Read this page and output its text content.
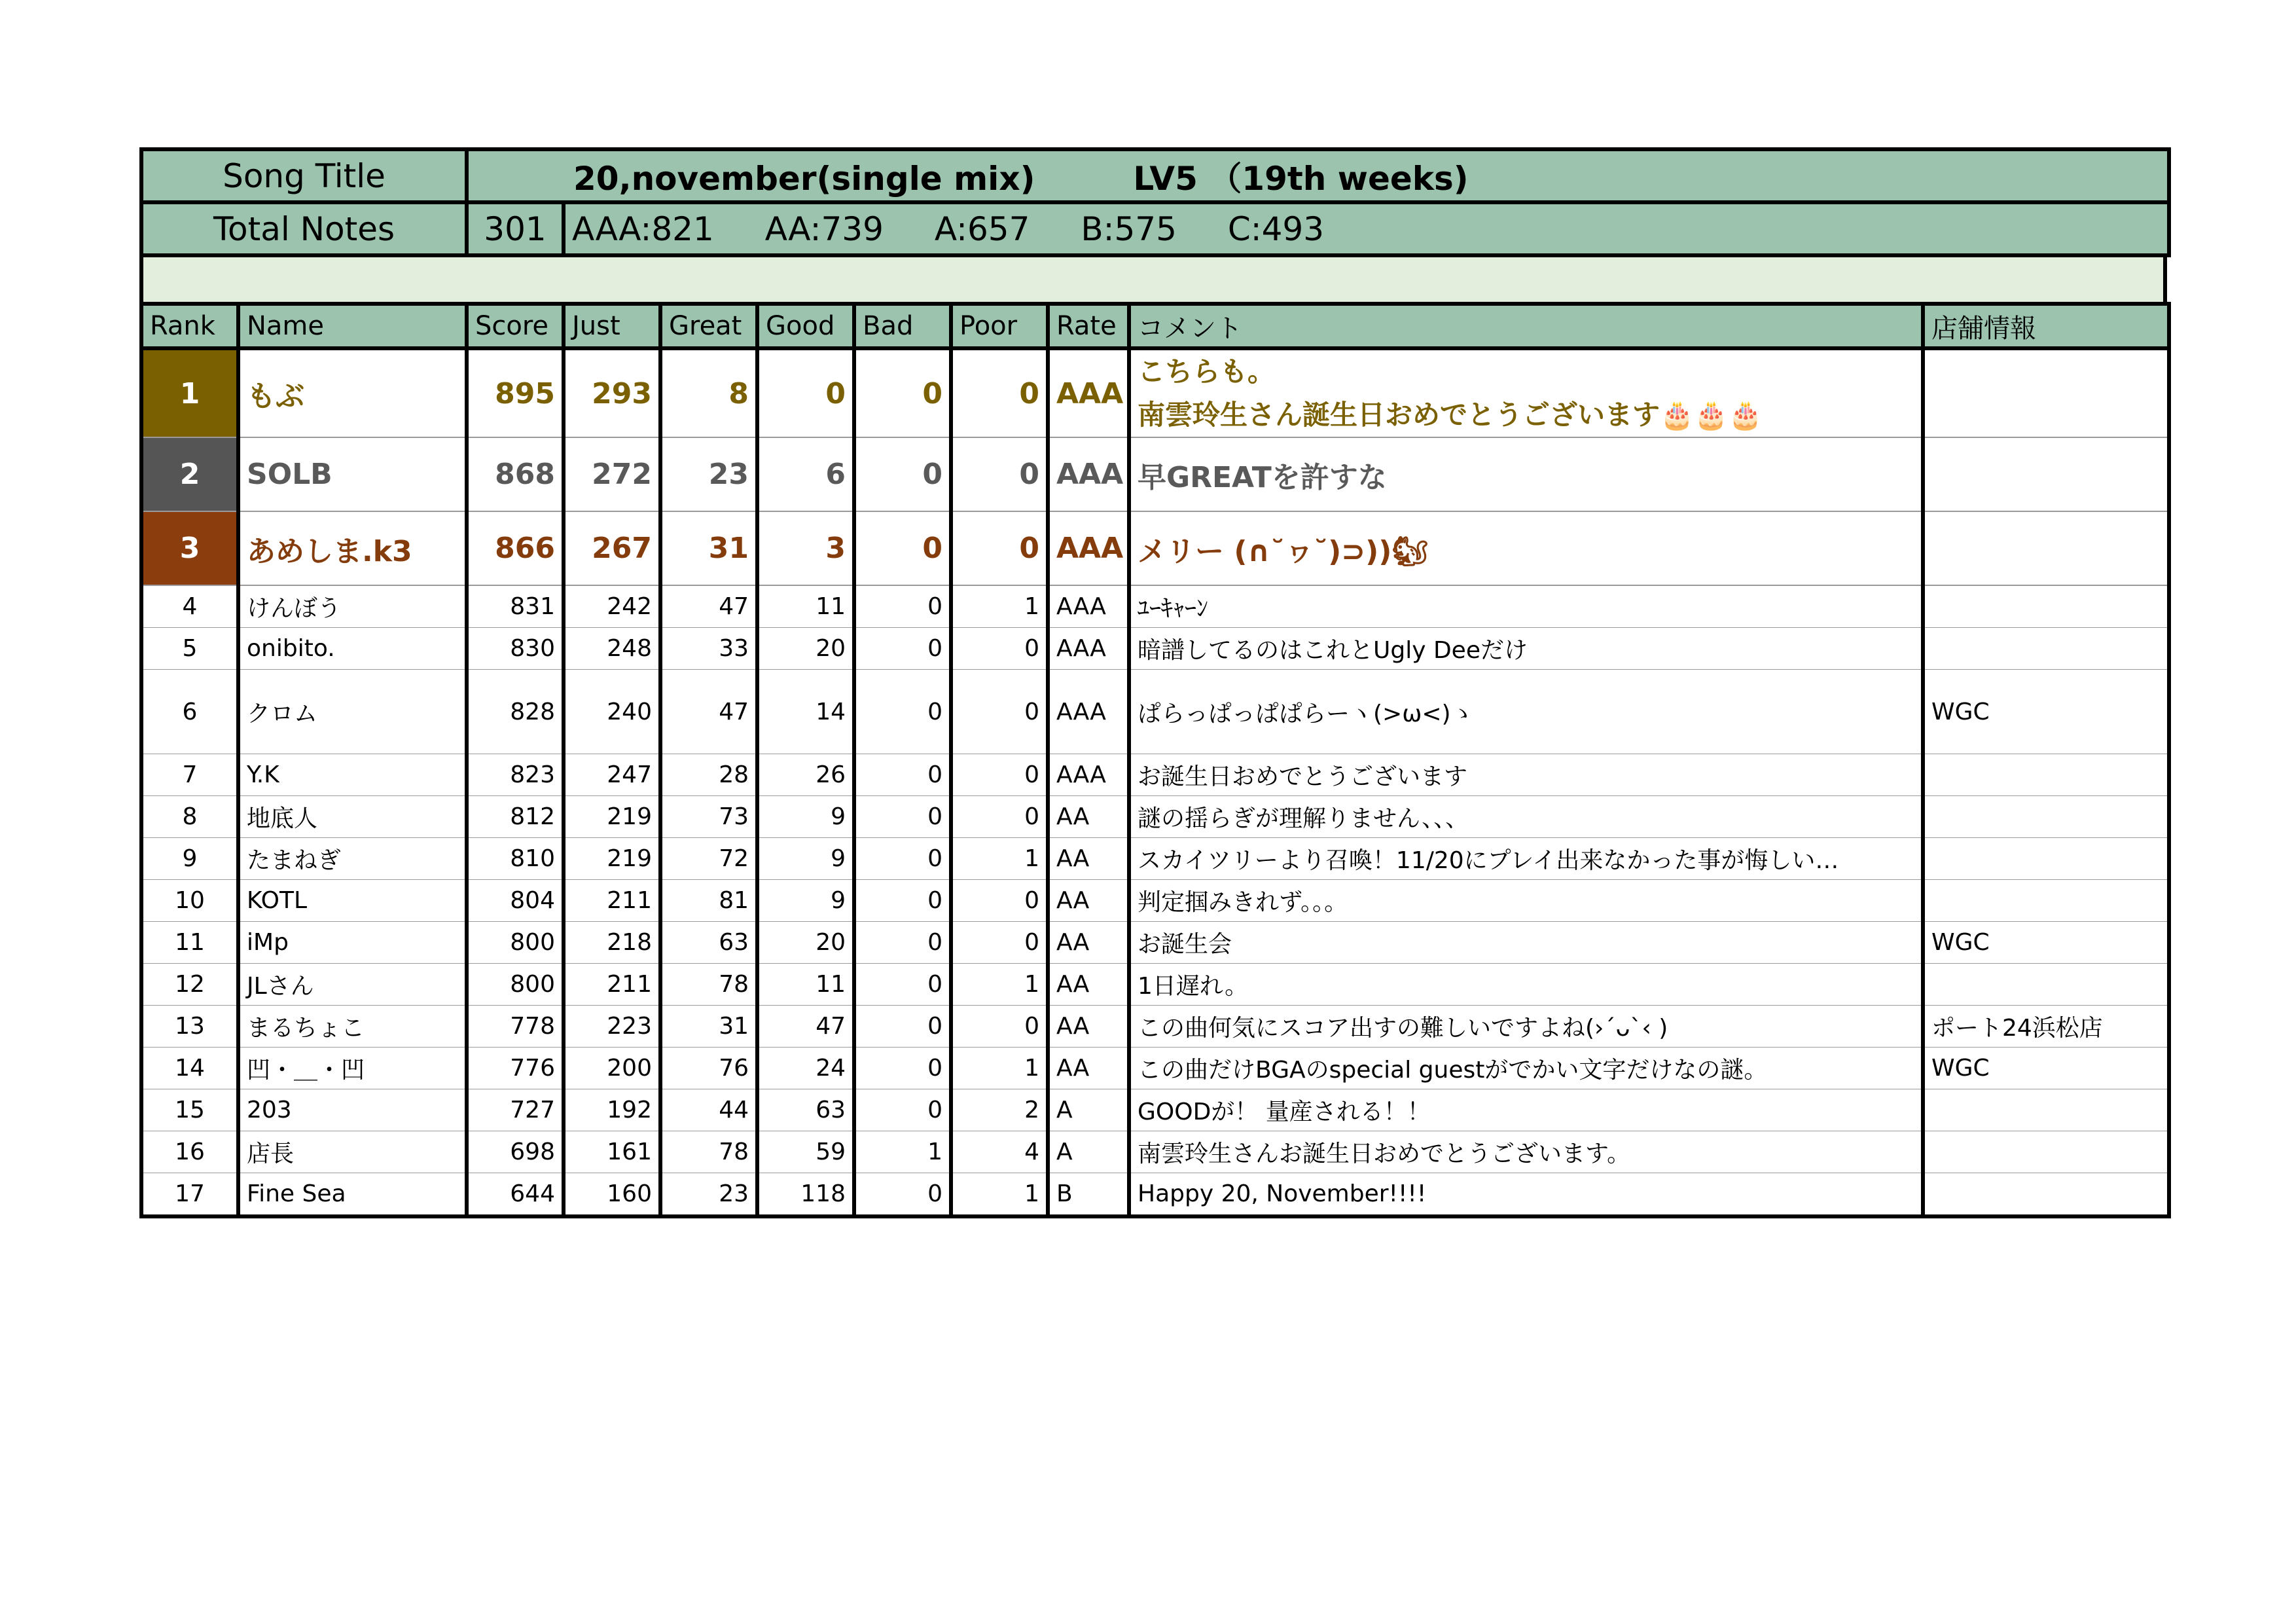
Song Title	20,november(single mix)　　　LV5 （19th weeks)	
Total Notes	301	AAA:821 AA:739 A:657 B:575 C:493
Rank	Name	Score	Just	Great	Good	Bad	Poor	Rate	コメント	店舗情報
1	もぶ	895	293	8	0	0	0	AAA	こちらも。
南雲玲生さん誕生日おめでとうございます🎂🎂🎂	

2	SOLB	868	272	23	6	0	0	AAA	早GREATを許すな	
3	あめしま.k3	866	267	31	3	0	0	AAA	メリー (∩˘ヮ˘)⊃))🐿	
4	けんぼう	831	242	47	11	0	1	AAA	ﾕｰｷｬｰﾝ	
5	onibito.	830	248	33	20	0	0	AAA	暗譜してるのはこれとUgly Deeだけ	
6	クロム	828	240	47	14	0	0	AAA	ぱらっぱっぱぱらーヽ(>ω<)ゝ	WGC
7	Y.K	823	247	28	26	0	0	AAA	お誕生日おめでとうございます	
8	地底人	812	219	73	9	0	0	AA	謎の揺らぎが理解りません、、、	
9	たまねぎ	810	219	72	9	0	1	AA	スカイツリーより召喚！11/20にプレイ出来なかった事が悔しい…	
10	KOTL	804	211	81	9	0	0	AA	判定掴みきれず。。。	
11	iMp	800	218	63	20	0	0	AA	お誕生会	WGC
12	JLさん	800	211	78	11	0	1	AA	1日遅れ。	
13	まるちょこ	778	223	31	47	0	0	AA	この曲何気にスコア出すの難しいですよね(›´ᴗ`‹ )	ポート24浜松店
14	凹・＿・凹	776	200	76	24	0	1	AA	この曲だけBGAのspecial guestがでかい文字だけなの謎。	WGC
15	203	727	192	44	63	0	2	A	GOODが！ 量産される！！	
16	店長	698	161	78	59	1	4	A	南雲玲生さんお誕生日おめでとうございます。	
17	Fine Sea	644	160	23	118	0	1	B	Happy 20, November!!!!	
